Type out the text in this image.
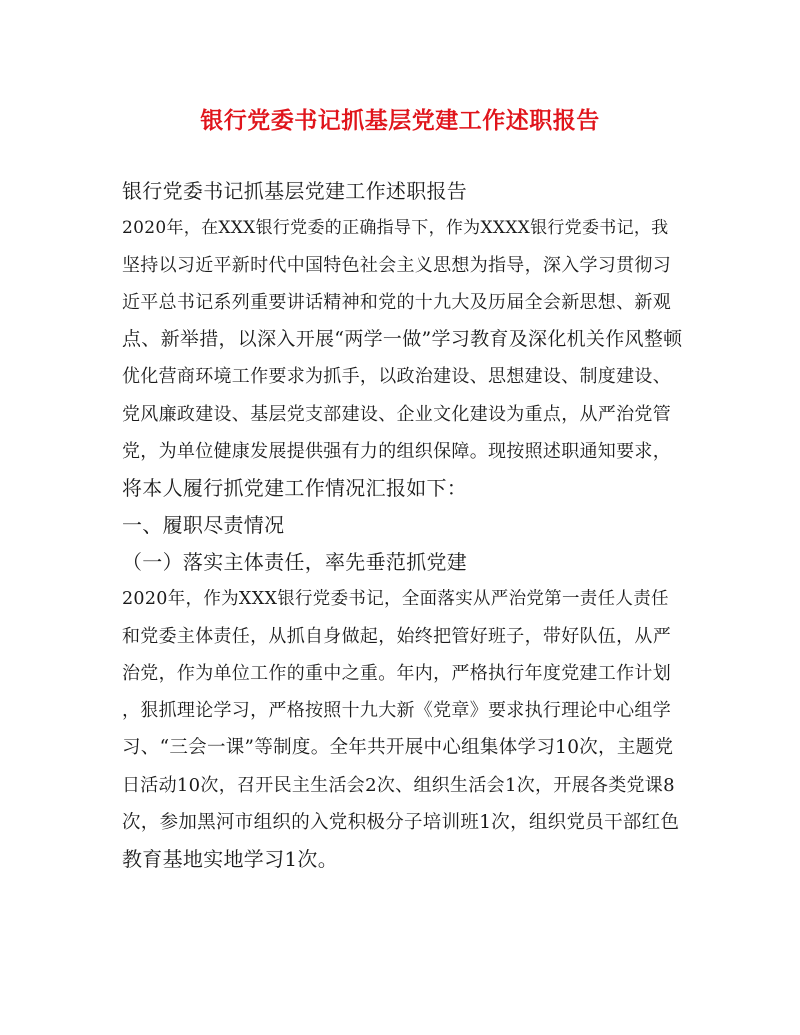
银行党委书记抓基层党建工作述职报告

银行党委书记抓基层党建工作述职报告

2020年，在XXX银行党委的正确指导下，作为XXXX银行党委书记，我

坚持以习近平新时代中国特色社会主义思想为指导，深入学习贯彻习

近平总书记系列重要讲话精神和党的十九大及历届全会新思想、新观

点、新举措，以深入开展“两学一做”学习教育及深化机关作风整顿

优化营商环境工作要求为抓手，以政治建设、思想建设、制度建设、

党风廉政建设、基层党支部建设、企业文化建设为重点，从严治党管

党，为单位健康发展提供强有力的组织保障。现按照述职通知要求，

将本人履行抓党建工作情况汇报如下：

一、履职尽责情况

（一）落实主体责任，率先垂范抓党建

2020年，作为XXX银行党委书记，全面落实从严治党第一责任人责任

和党委主体责任，从抓自身做起，始终把管好班子，带好队伍，从严

治党，作为单位工作的重中之重。年内，严格执行年度党建工作计划

，狠抓理论学习，严格按照十九大新《党章》要求执行理论中心组学

习、“三会一课”等制度。全年共开展中心组集体学习10次，主题党

日活动10次，召开民主生活会2次、组织生活会1次，开展各类党课8

次，参加黑河市组织的入党积极分子培训班1次，组织党员干部红色

教育基地实地学习1次。
